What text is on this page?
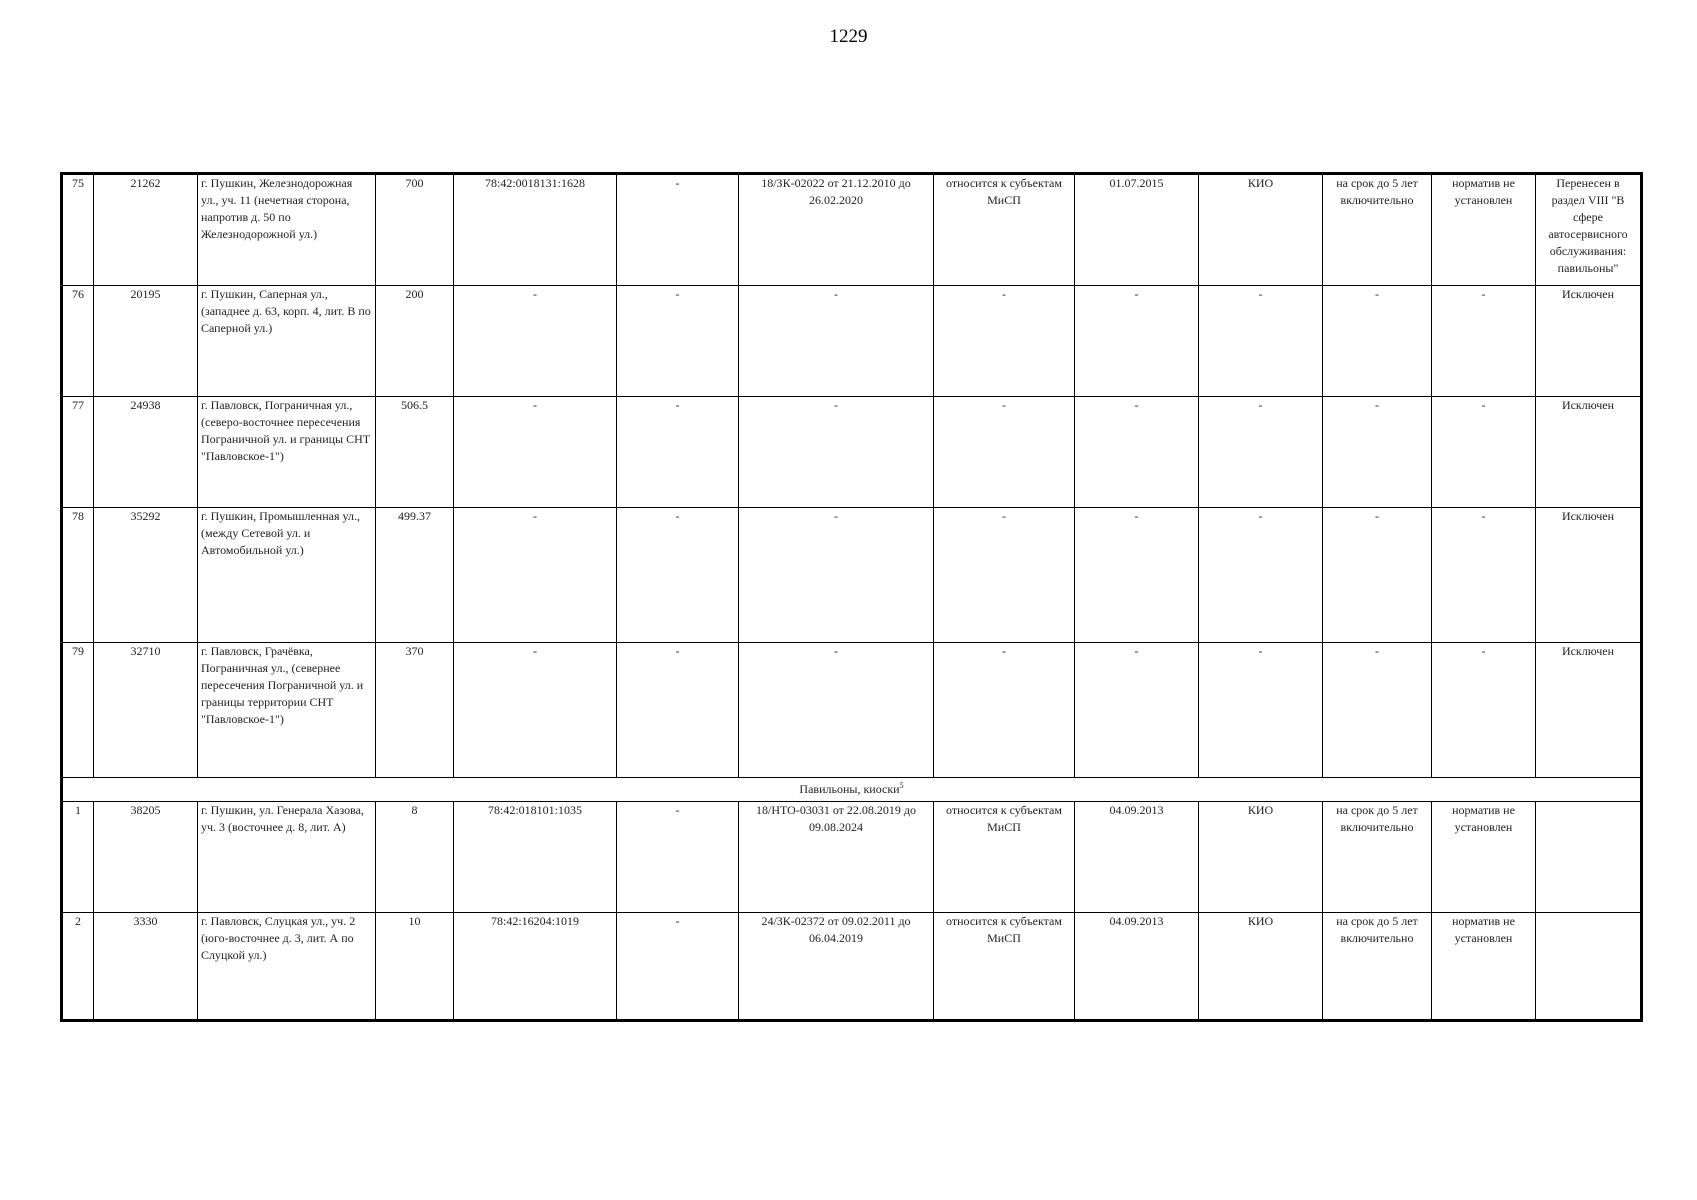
1229
75	21262	г. Пушкин, Железнодорожная ул., уч. 11 (нечетная сторона, напротив д. 50 по Железнодорожной ул.)	700	78:42:0018131:1628	-	18/ЗК-02022 от 21.12.2010 до 26.02.2020	относится к субъектам МиСП	01.07.2015	КИО	на срок до 5 лет включительно	норматив не установлен	Перенесен в раздел VIII "В сфере автосервисного обслуживания: павильоны"
76	20195	г. Пушкин, Саперная ул., (западнее д. 63, корп. 4, лит. В по Саперной ул.)	200	-	-	-	-	-	-	-	-	Исключен
77	24938	г. Павловск, Пограничная ул., (северо-восточнее пересечения Пограничной ул. и границы СНТ "Павловское-1")	506.5	-	-	-	-	-	-	-	-	Исключен
78	35292	г. Пушкин, Промышленная ул., (между Сетевой ул. и Автомобильной ул.)	499.37	-	-	-	-	-	-	-	-	Исключен
79	32710	г. Павловск, Грачёвка, Пограничная ул., (севернее пересечения Пограничной ул. и границы территории СНТ "Павловское-1")	370	-	-	-	-	-	-	-	-	Исключен
Павильоны, киоски$^5$
1	38205	г. Пушкин, ул. Генерала Хазова, уч. 3 (восточнее д. 8, лит. А)	8	78:42:018101:1035	-	18/НТО-03031 от 22.08.2019 до 09.08.2024	относится к субъектам МиСП	04.09.2013	КИО	на срок до 5 лет включительно	норматив не установлен	
2	3330	г. Павловск, Слуцкая ул., уч. 2 (юго-восточнее д. 3, лит. А по Слуцкой ул.)	10	78:42:16204:1019	-	24/ЗК-02372 от 09.02.2011 до 06.04.2019	относится к субъектам МиСП	04.09.2013	КИО	на срок до 5 лет включительно	норматив не установлен	
